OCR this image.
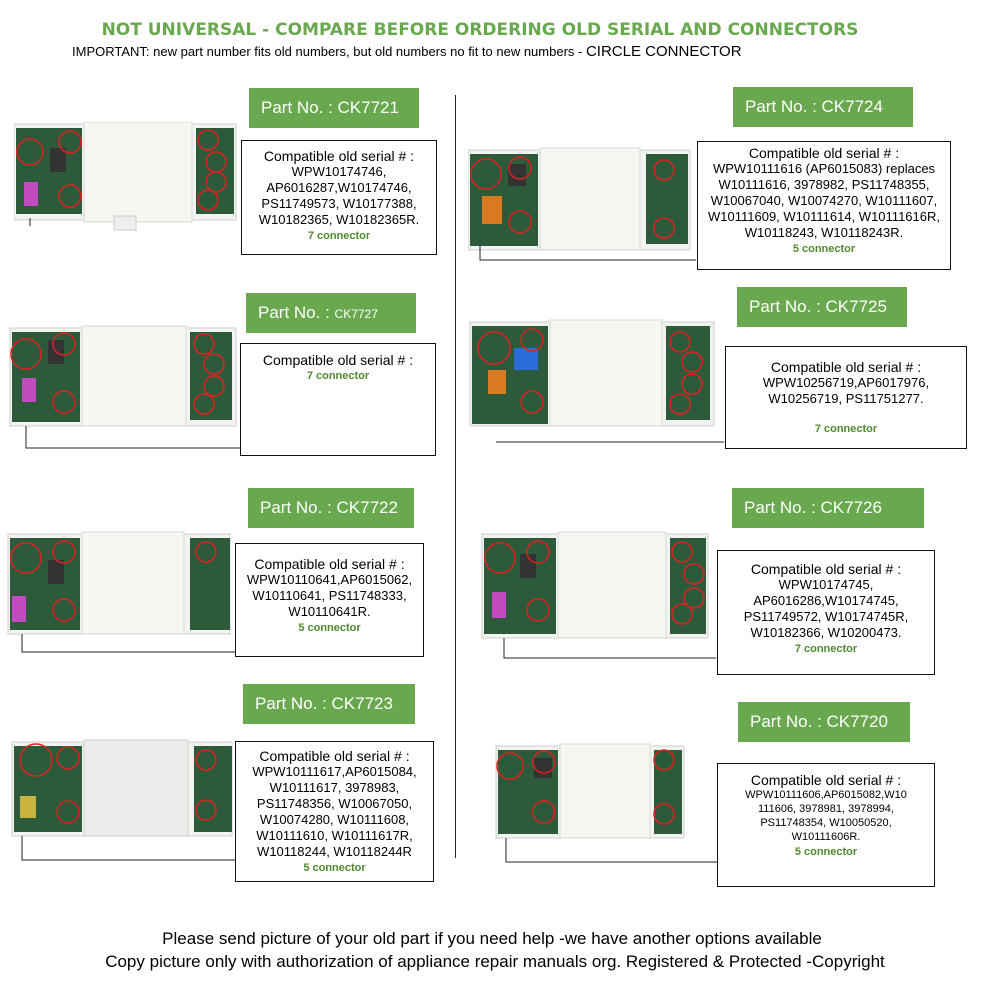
NOT UNIVERSAL - COMPARE BEFORE ORDERING OLD SERIAL AND CONNECTORS
IMPORTANT: new part number fits old numbers, but old numbers no fit to new numbers - CIRCLE CONNECTOR
Part No. : CK7721	Part No. : CK7724
Part No. : CK7727	Part No. : CK7725
Part No. : CK7722	Part No. : CK7726
Part No. : CK7723
Part No. : CK7720
Compatible old serial # :
WPW10174746,
AP6016287,W10174746,
PS11749573, W10177388,
W10182365, W10182365R.
7 connector
Compatible old serial # :
WPW10111616 (AP6015083) replaces
W10111616, 3978982, PS11748355,
W10067040, W10074270, W10111607,
W10111609, W10111614, W10111616R,
W10118243, W10118243R.
5 connector
Compatible old serial # :
7 connector
Compatible old serial # :
WPW10256719,AP6017976,
W10256719, PS11751277.
7 connector
Compatible old serial # :
WPW10110641,AP6015062,
W10110641, PS11748333,
W10110641R.
5 connector
Compatible old serial # :
WPW10174745,
AP6016286,W10174745,
PS11749572, W10174745R,
W10182366, W10200473.
7 connector
Compatible old serial # :
WPW10111617,AP6015084,
W10111617, 3978983,
PS11748356, W10067050,
W10074280, W10111608,
W10111610, W10111617R,
W10118244, W10118244R
5 connector
Compatible old serial # :
WPW10111606,AP6015082,W10
111606, 3978981, 3978994,
PS11748354, W10050520,
W10111606R.
5 connector
Please send picture of your old part if you need help -we have another options available
Copy picture only with authorization of appliance repair manuals org. Registered & Protected -Copyright
